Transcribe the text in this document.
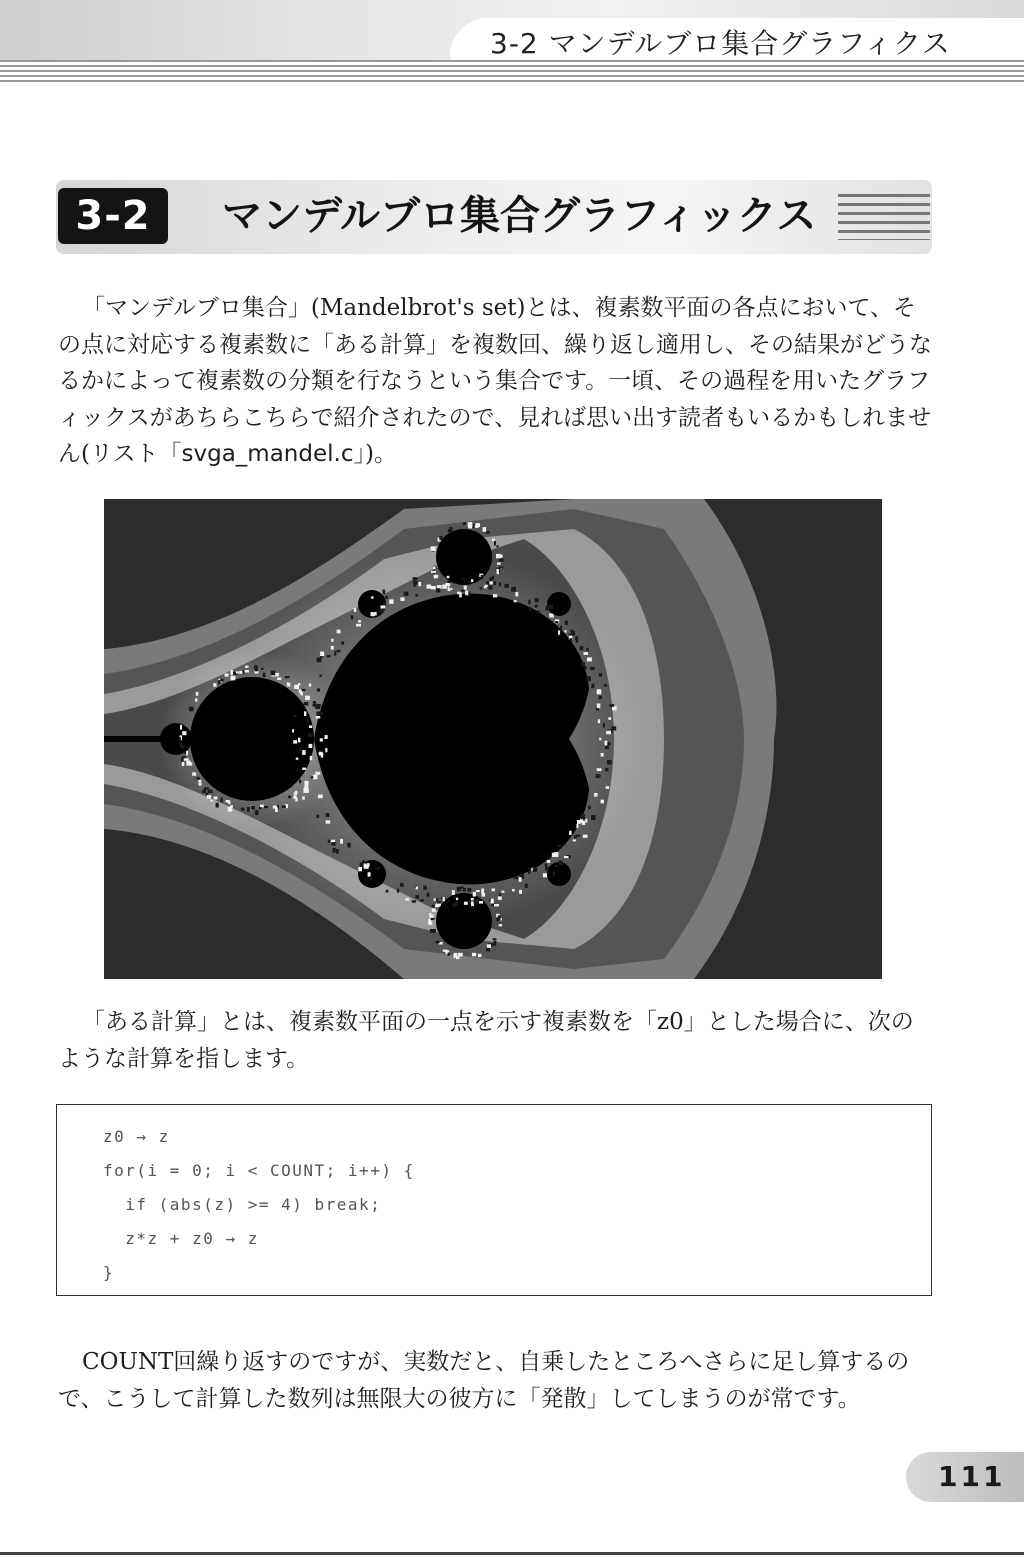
3-2 マンデルブロ集合グラフィクス
3-2	マンデルブロ集合グラフィックス

「マンデルブロ集合」(Mandelbrot's set)とは、複素数平面の各点において、その点に対応する複素数に「ある計算」を複数回、繰り返し適用し、その結果がどうなるかによって複素数の分類を行なうという集合です。一頃、その過程を用いたグラフィックスがあちらこちらで紹介されたので、見れば思い出す読者もいるかもしれません(リスト「svga_mandel.c」)。

「ある計算」とは、複素数平面の一点を示す複素数を「z0」とした場合に、次のような計算を指します。

z0 → z
for(i = 0; i < COUNT; i++) {
if (abs(z) >= 4) break;
z*z + z0 → z
}

COUNT回繰り返すのですが、実数だと、自乗したところへさらに足し算するので、こうして計算した数列は無限大の彼方に「発散」してしまうのが常です。

111
